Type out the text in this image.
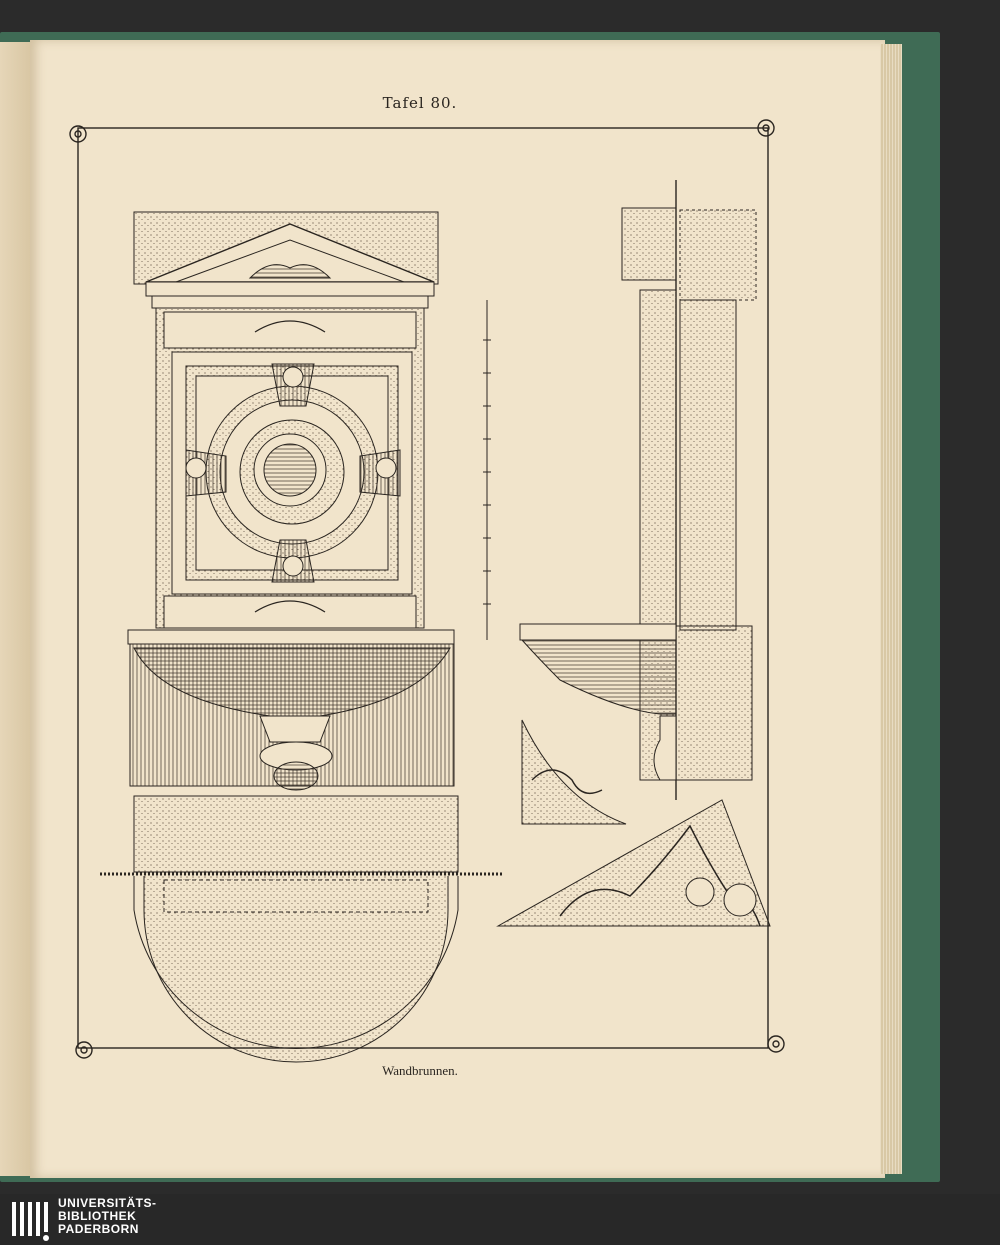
Tafel 80.
Wandbrunnen.
UNIVERSITÄTS-
BIBLIOTHEK
PADERBORN
